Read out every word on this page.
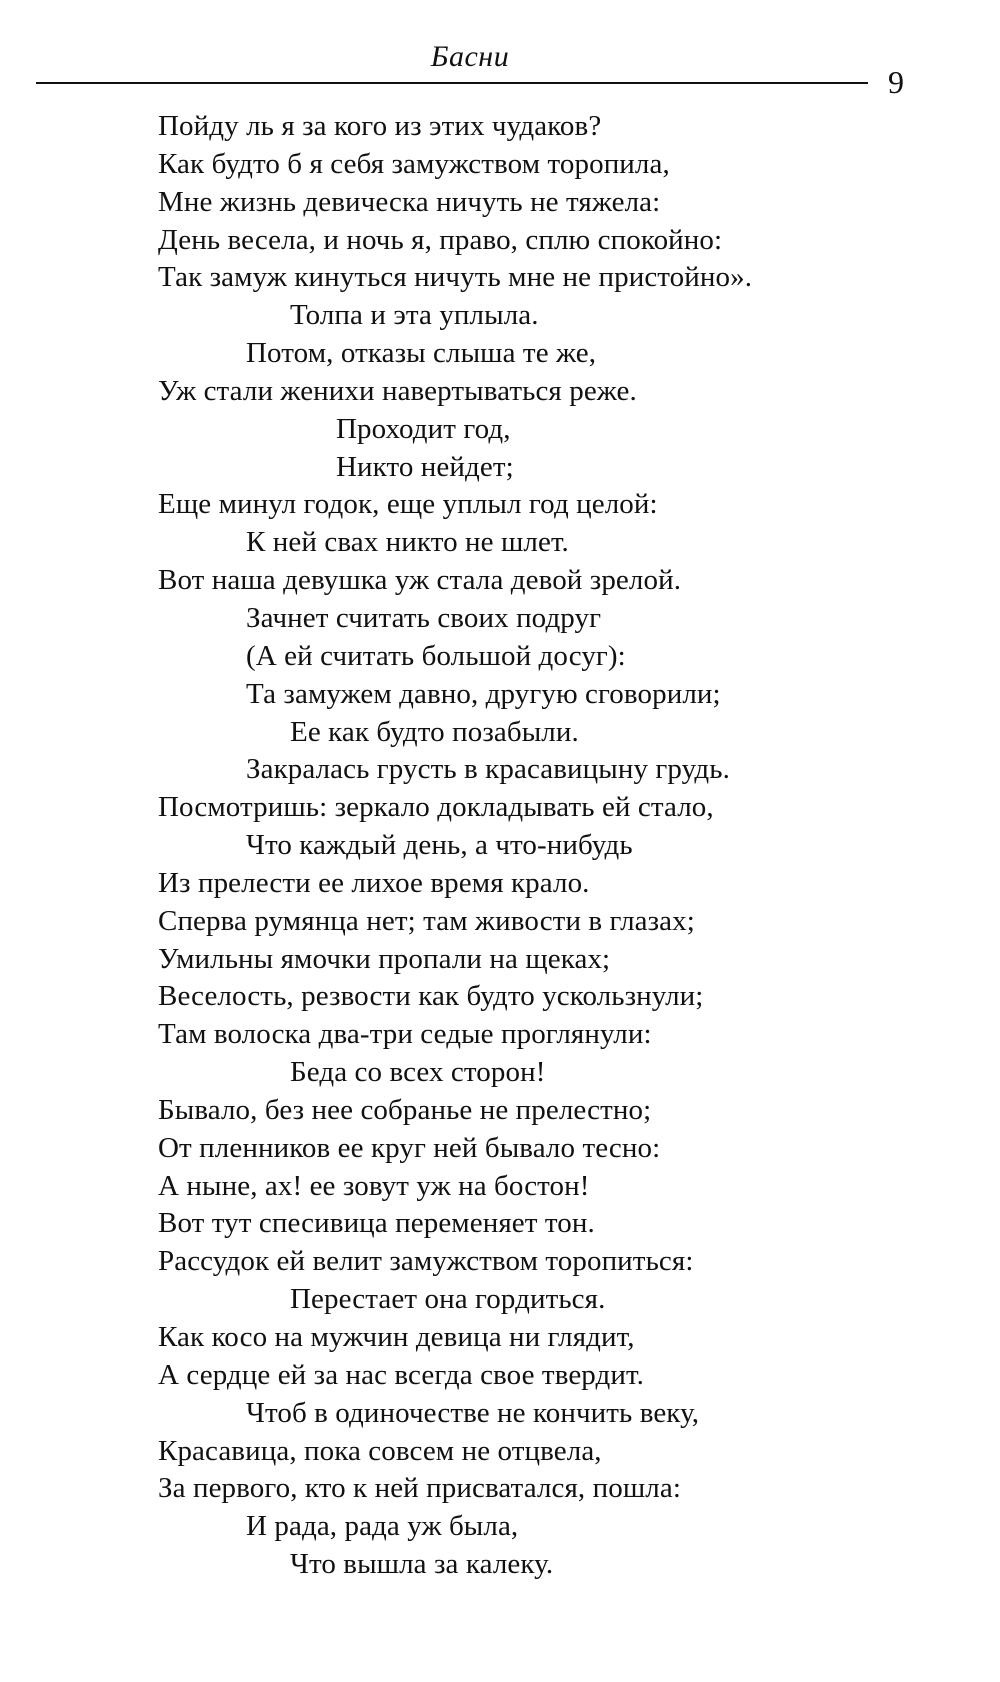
Басни
9
Пойду ль я за кого из этих чудаков?
Как будто б я себя замужством торопила,
Мне жизнь девическа ничуть не тяжела:
День весела, и ночь я, право, сплю спокойно:
Так замуж кинуться ничуть мне не пристойно».
Толпа и эта уплыла.
Потом, отказы слыша те же,
Уж стали женихи навертываться реже.
Проходит год,
Никто нейдет;
Еще минул годок, еще уплыл год целой:
К ней свах никто не шлет.
Вот наша девушка уж стала девой зрелой.
Зачнет считать своих подруг
(А ей считать большой досуг):
Та замужем давно, другую сговорили;
Ее как будто позабыли.
Закралась грусть в красавицыну грудь.
Посмотришь: зеркало докладывать ей стало,
Что каждый день, а что-нибудь
Из прелести ее лихое время крало.
Сперва румянца нет; там живости в глазах;
Умильны ямочки пропали на щеках;
Веселость, резвости как будто ускользнули;
Там волоска два-три седые проглянули:
Беда со всех сторон!
Бывало, без нее собранье не прелестно;
От пленников ее круг ней бывало тесно:
А ныне, ах! ее зовут уж на бостон!
Вот тут спесивица переменяет тон.
Рассудок ей велит замужством торопиться:
Перестает она гордиться.
Как косо на мужчин девица ни глядит,
А сердце ей за нас всегда свое твердит.
Чтоб в одиночестве не кончить веку,
Красавица, пока совсем не отцвела,
За первого, кто к ней присватался, пошла:
И рада, рада уж была,
Что вышла за калеку.
